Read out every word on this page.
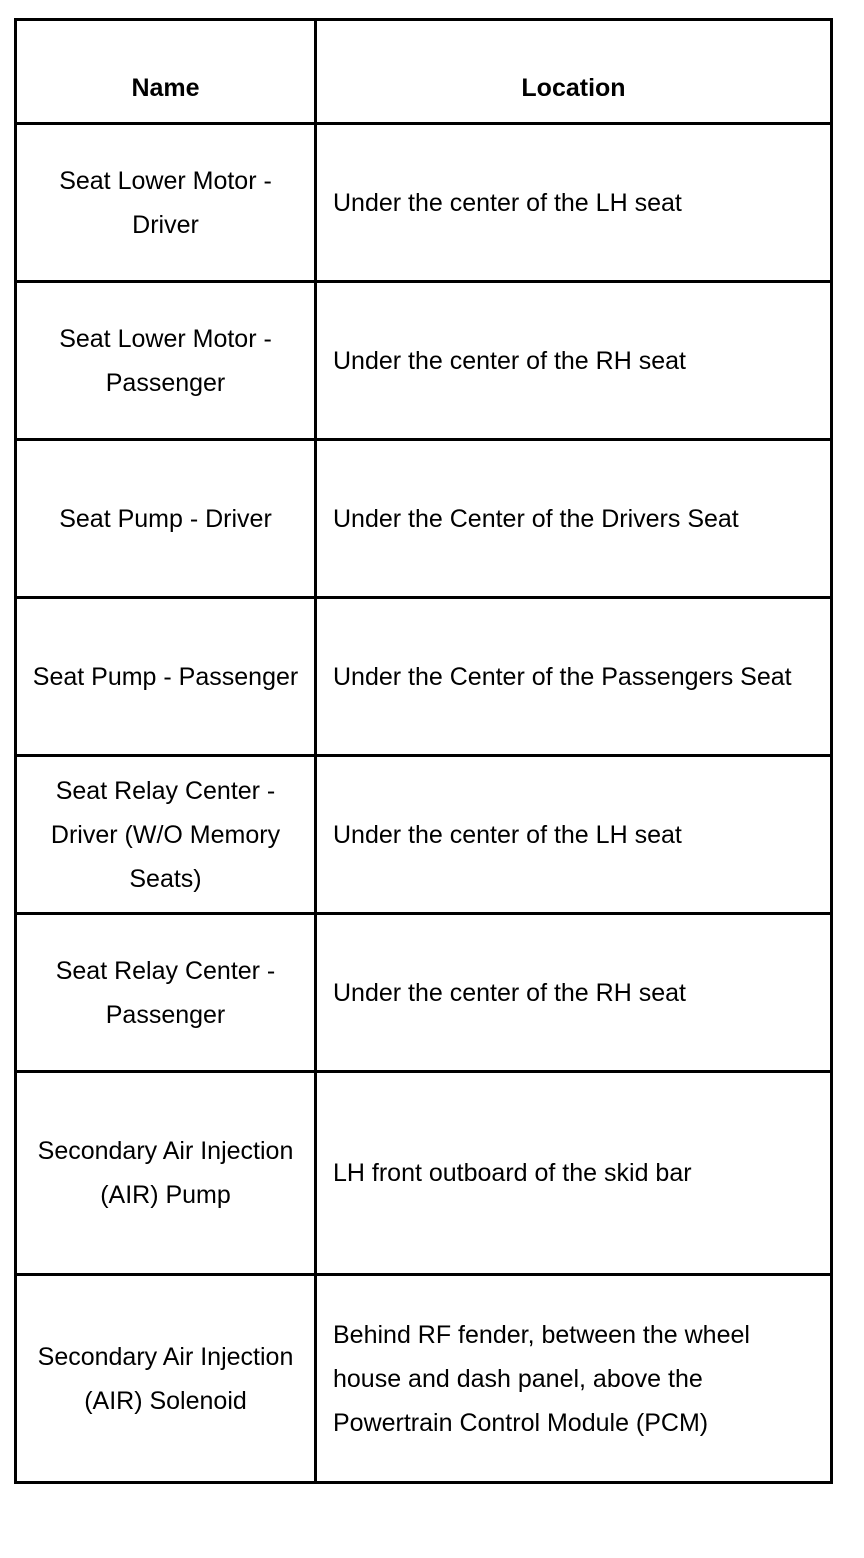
Name	Location
Seat Lower Motor - Driver	Under the center of the LH seat
Seat Lower Motor - Passenger	Under the center of the RH seat
Seat Pump - Driver	Under the Center of the Drivers Seat
Seat Pump - Passenger	Under the Center of the Passengers Seat
Seat Relay Center - Driver (W/O Memory Seats)	Under the center of the LH seat
Seat Relay Center - Passenger	Under the center of the RH seat
Secondary Air Injection (AIR) Pump	LH front outboard of the skid bar
Secondary Air Injection (AIR) Solenoid	Behind RF fender, between the wheel house and dash panel, above the Powertrain Control Module (PCM)
